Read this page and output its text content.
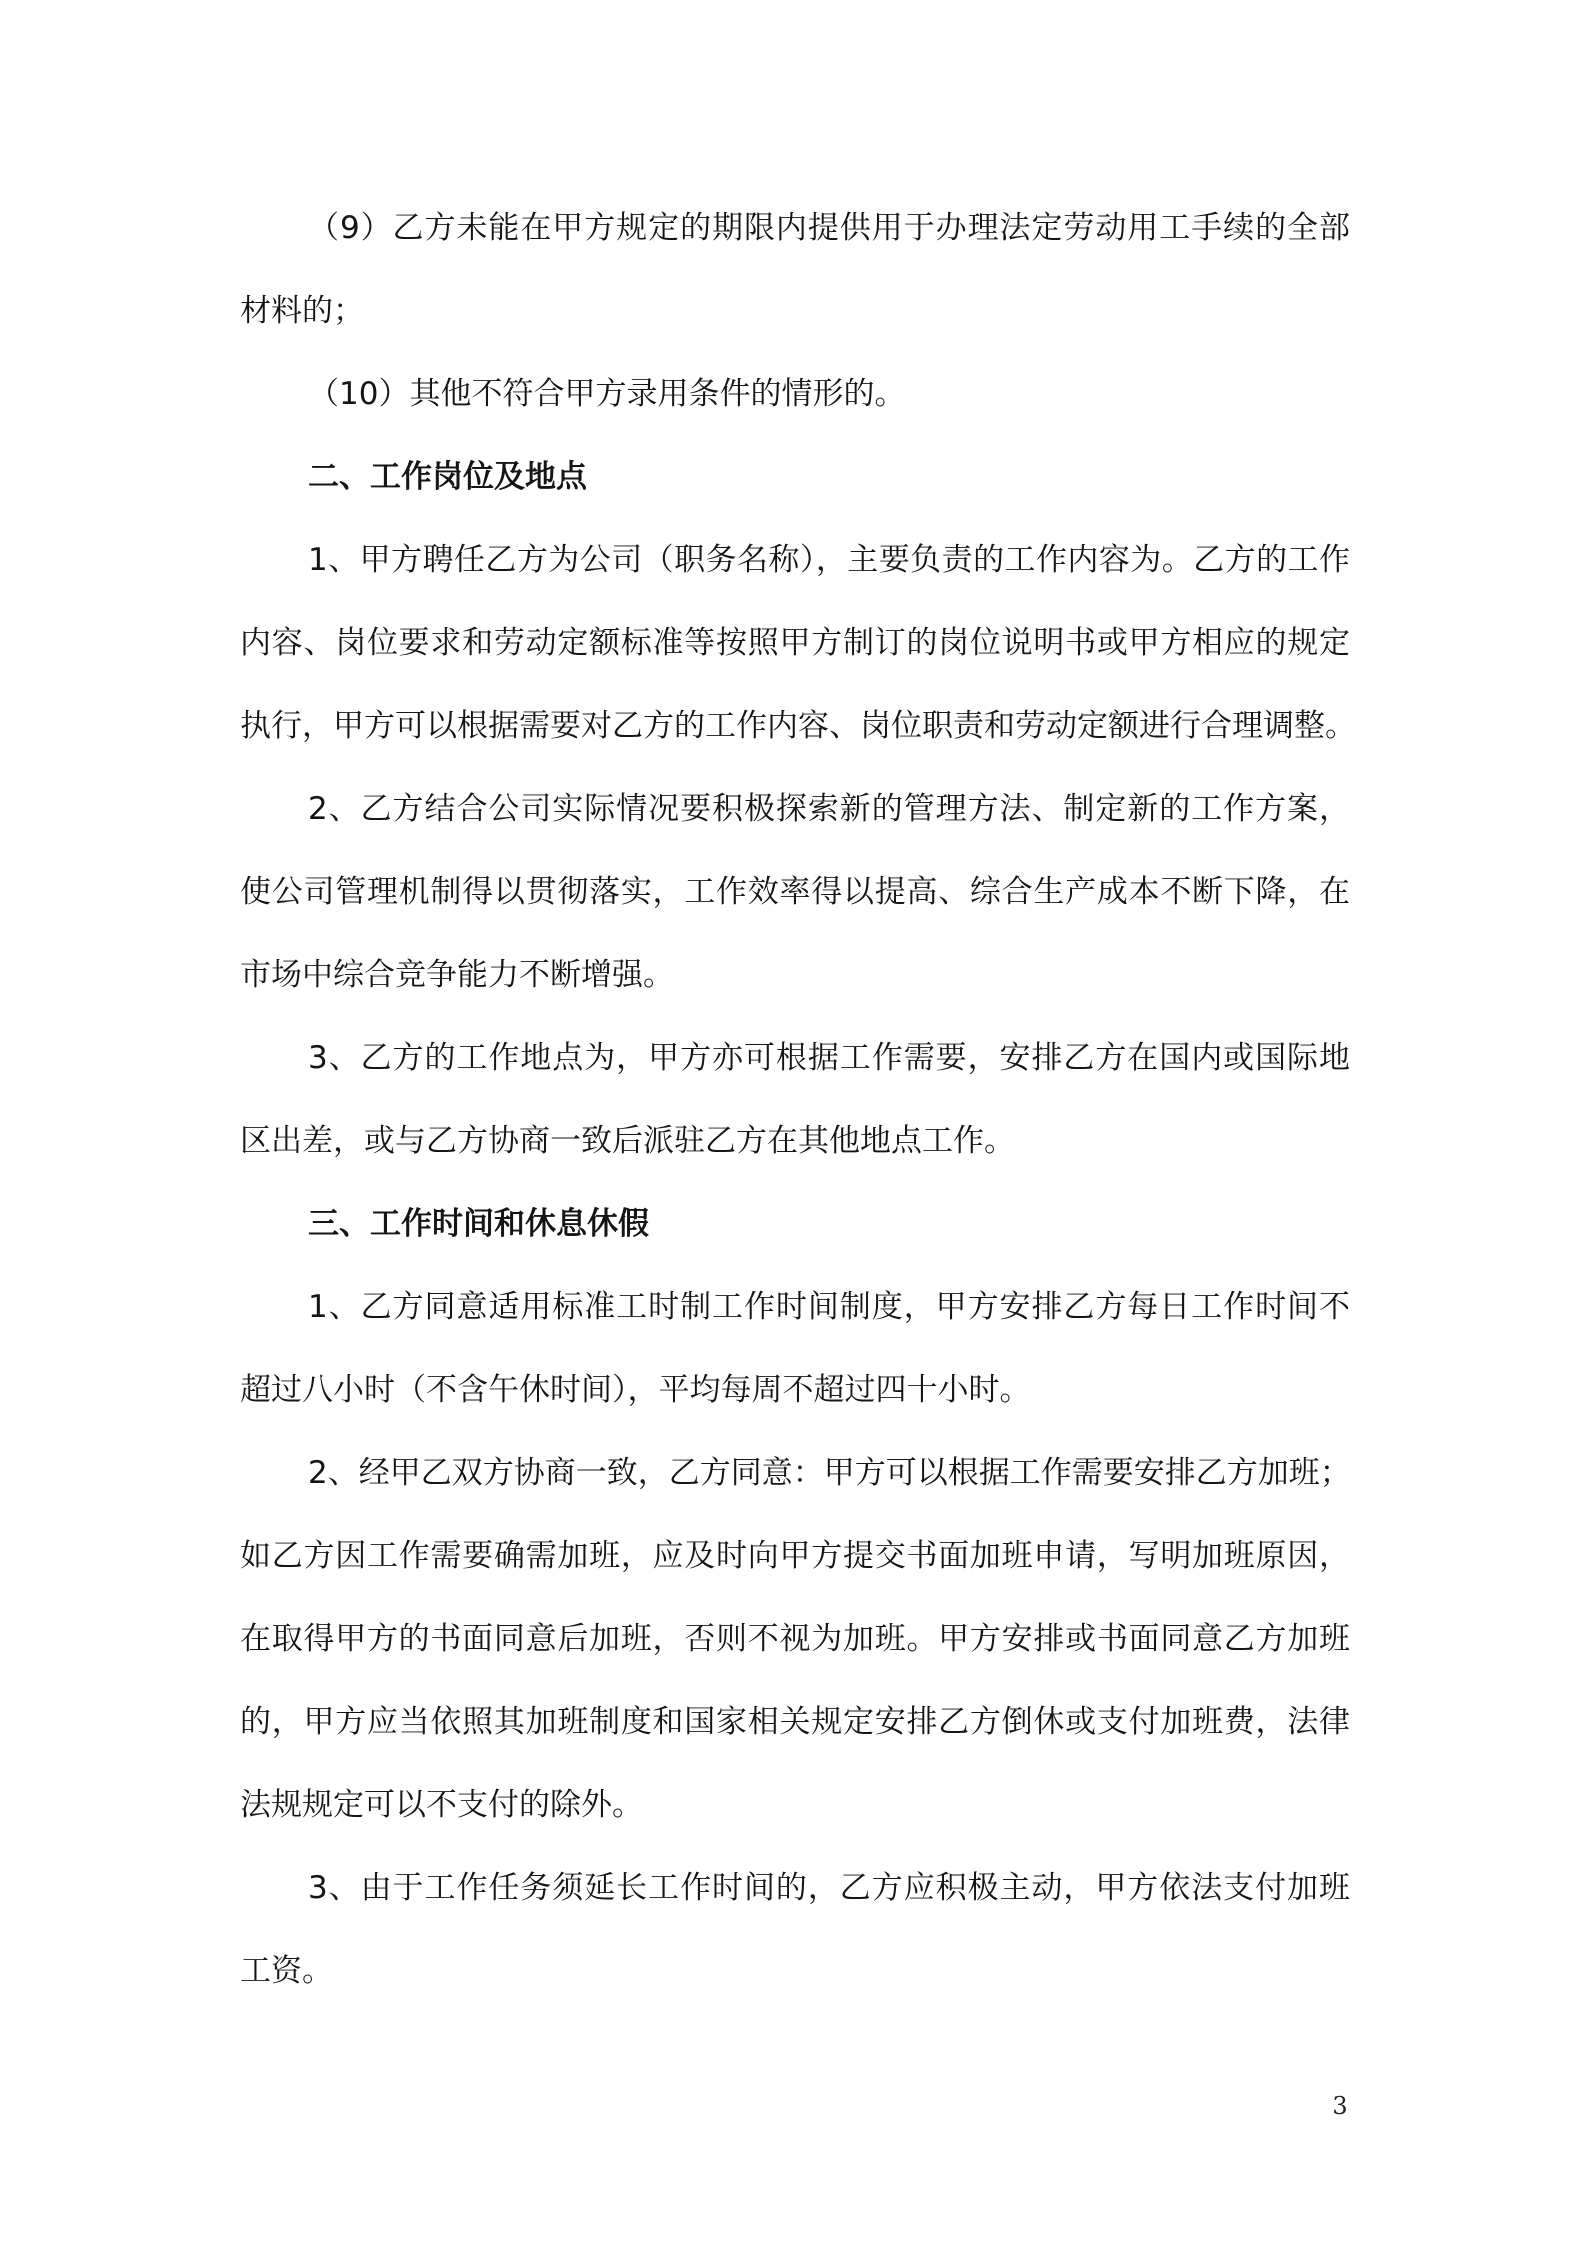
（9）乙方未能在甲方规定的期限内提供用于办理法定劳动用工手续的全部
材料的；
（10）其他不符合甲方录用条件的情形的。
二、工作岗位及地点
1、甲方聘任乙方为公司（职务名称），主要负责的工作内容为。乙方的工作
内容、岗位要求和劳动定额标准等按照甲方制订的岗位说明书或甲方相应的规定
执行，甲方可以根据需要对乙方的工作内容、岗位职责和劳动定额进行合理调整。
2、乙方结合公司实际情况要积极探索新的管理方法、制定新的工作方案，
使公司管理机制得以贯彻落实，工作效率得以提高、综合生产成本不断下降，在
市场中综合竞争能力不断增强。
3、乙方的工作地点为，甲方亦可根据工作需要，安排乙方在国内或国际地
区出差，或与乙方协商一致后派驻乙方在其他地点工作。
三、工作时间和休息休假
1、乙方同意适用标准工时制工作时间制度，甲方安排乙方每日工作时间不
超过八小时（不含午休时间），平均每周不超过四十小时。
2、经甲乙双方协商一致，乙方同意：甲方可以根据工作需要安排乙方加班；
如乙方因工作需要确需加班，应及时向甲方提交书面加班申请，写明加班原因，
在取得甲方的书面同意后加班，否则不视为加班。甲方安排或书面同意乙方加班
的，甲方应当依照其加班制度和国家相关规定安排乙方倒休或支付加班费，法律
法规规定可以不支付的除外。
3、由于工作任务须延长工作时间的，乙方应积极主动，甲方依法支付加班
工资。
3
